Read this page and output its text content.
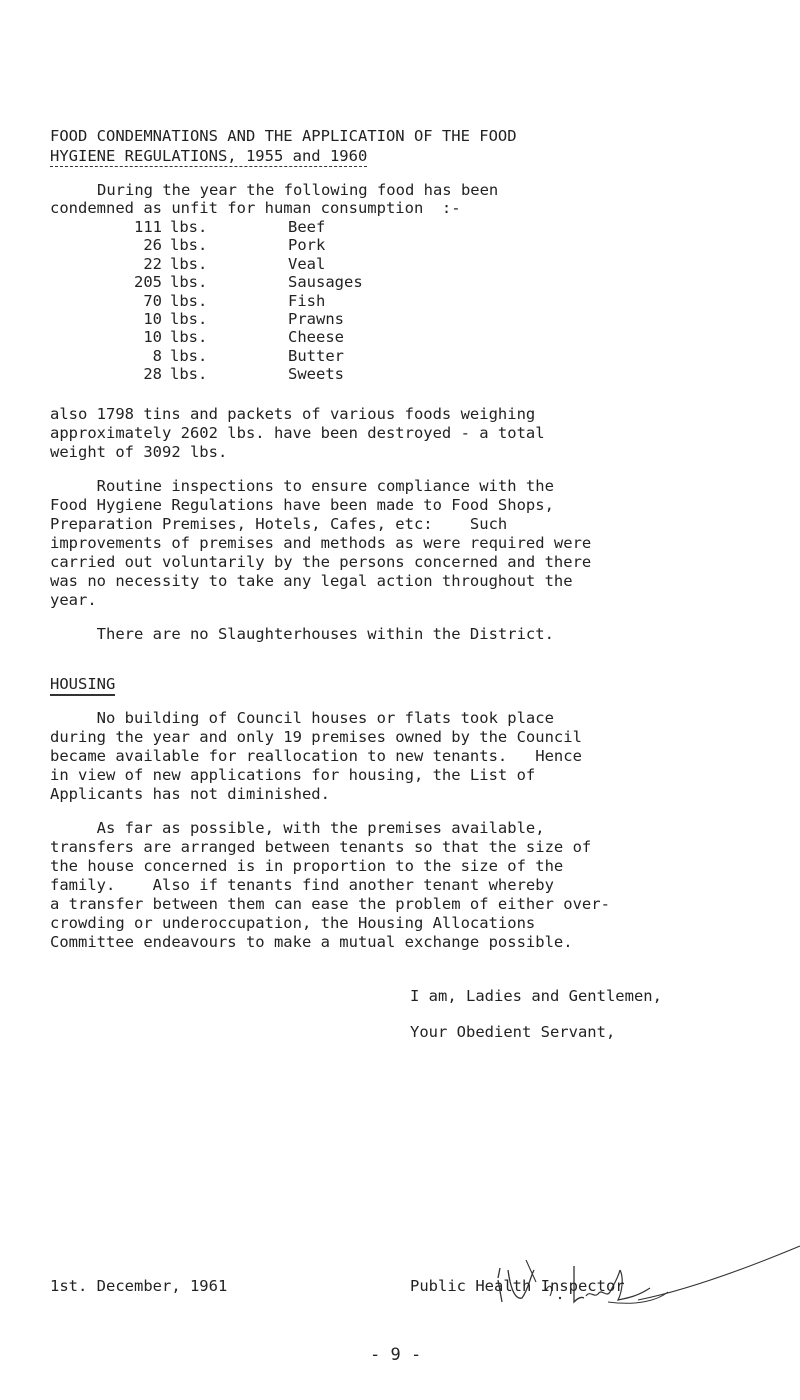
FOOD CONDEMNATIONS AND THE APPLICATION OF THE FOOD

HYGIENE REGULATIONS, 1955 and 1960

During the year the following food has been

condemned as unfit for human consumption  :-

111	lbs.	Beef
26	lbs.	Pork
22	lbs.	Veal
205	lbs.	Sausages
70	lbs.	Fish
10	lbs.	Prawns
10	lbs.	Cheese
8	lbs.	Butter
28	lbs.	Sweets

also 1798 tins and packets of various foods weighing

approximately 2602 lbs. have been destroyed - a total

weight of 3092 lbs.

Routine inspections to ensure compliance with the

Food Hygiene Regulations have been made to Food Shops,

Preparation Premises, Hotels, Cafes, etc:    Such

improvements of premises and methods as were required were

carried out voluntarily by the persons concerned and there

was no necessity to take any legal action throughout the

year.

There are no Slaughterhouses within the District.

HOUSING

No building of Council houses or flats took place

during the year and only 19 premises owned by the Council

became available for reallocation to new tenants.   Hence

in view of new applications for housing, the List of

Applicants has not diminished.

As far as possible, with the premises available,

transfers are arranged between tenants so that the size of

the house concerned is in proportion to the size of the

family.    Also if tenants find another tenant whereby

a transfer between them can ease the problem of either over-

crowding or underoccupation, the Housing Allocations

Committee endeavours to make a mutual exchange possible.

I am, Ladies and Gentlemen,

Your Obedient Servant,

Public Health Inspector

1st. December, 1961

- 9 -
